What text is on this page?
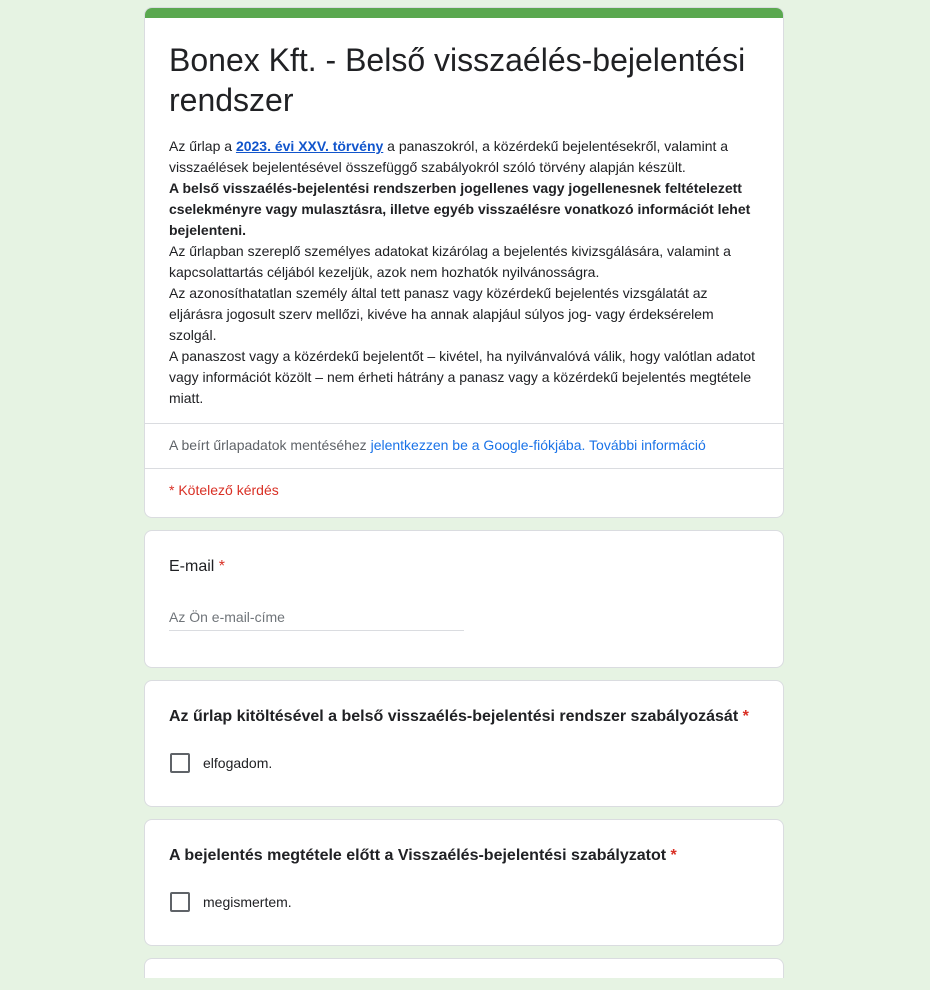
Bonex Kft. - Belső visszaélés-bejelentési rendszer

Az űrlap a 2023. évi XXV. törvény a panaszokról, a közérdekű bejelentésekről, valamint a visszaélések bejelentésével összefüggő szabályokról szóló törvény alapján készült.

A belső visszaélés-bejelentési rendszerben jogellenes vagy jogellenesnek feltételezett cselekményre vagy mulasztásra, illetve egyéb visszaélésre vonatkozó információt lehet bejelenteni.

Az űrlapban szereplő személyes adatokat kizárólag a bejelentés kivizsgálására, valamint a kapcsolattartás céljából kezeljük, azok nem hozhatók nyilvánosságra.

Az azonosíthatatlan személy által tett panasz vagy közérdekű bejelentés vizsgálatát az eljárásra jogosult szerv mellőzi, kivéve ha annak alapjául súlyos jog- vagy érdeksérelem szolgál.

A panaszost vagy a közérdekű bejelentőt – kivétel, ha nyilvánvalóvá válik, hogy valótlan adatot vagy információt közölt – nem érheti hátrány a panasz vagy a közérdekű bejelentés megtétele miatt.

A beírt űrlapadatok mentéséhez jelentkezzen be a Google-fiókjába. További információ
* Kötelező kérdés
E-mail *
Az Ön e-mail-címe
Az űrlap kitöltésével a belső visszaélés-bejelentési rendszer szabályozását *
elfogadom.
A bejelentés megtétele előtt a Visszaélés-bejelentési szabályzatot *
megismertem.
